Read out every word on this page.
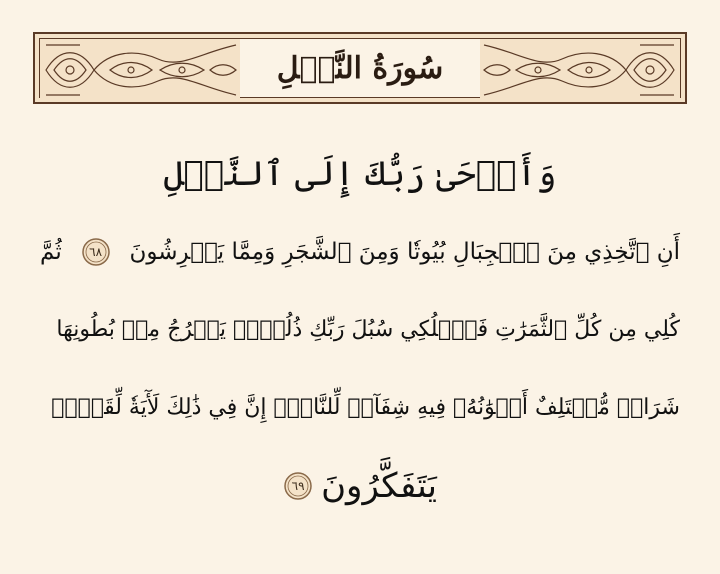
سُورَةُ النَّحۡلِ
وَأَوۡحَىٰ رَبُّكَ إِلَى ٱلنَّحۡلِ
أَنِ ٱتَّخِذِي مِنَ ٱلۡجِبَالِ بُيُوتٗا وَمِنَ ٱلشَّجَرِ وَمِمَّا يَعۡرِشُونَ
٦٨
ثُمَّ
كُلِي مِن كُلِّ ٱلثَّمَرَٰتِ فَٱسۡلُكِي سُبُلَ رَبِّكِ ذُلُلٗاۚ يَخۡرُجُ مِنۢ بُطُونِهَا
شَرَابٞ مُّخۡتَلِفٌ أَلۡوَٰنُهُۥ فِيهِ شِفَآءٞ لِّلنَّاسِۚ إِنَّ فِي ذَٰلِكَ لَأٓيَةٗ لِّقَوۡمٖ
يَتَفَكَّرُونَ
٦٩
